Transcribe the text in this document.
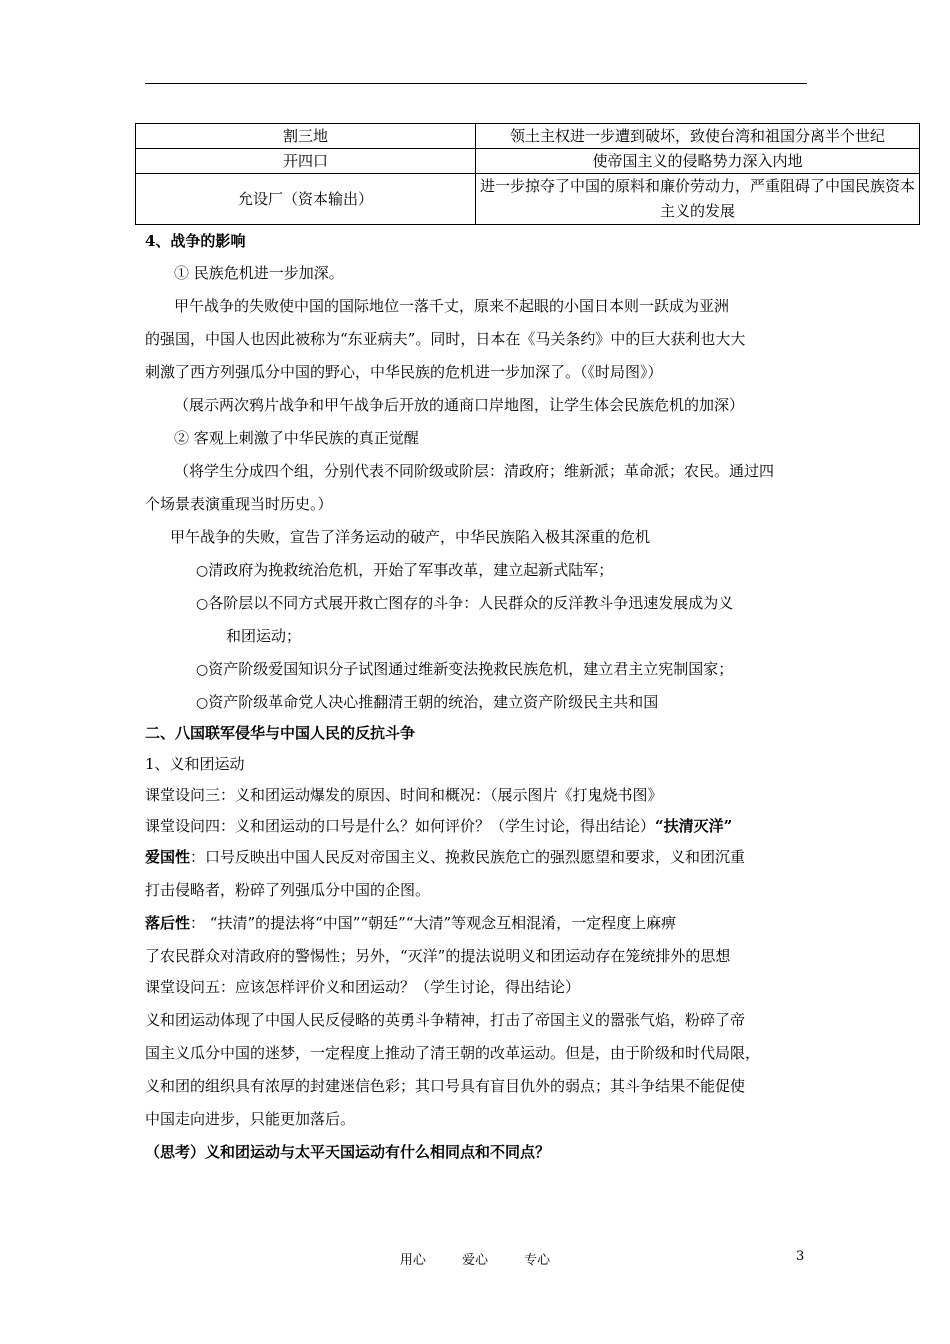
割三地	领土主权进一步遭到破坏，致使台湾和祖国分离半个世纪
开四口	使帝国主义的侵略势力深入内地
允设厂（资本输出）	进一步掠夺了中国的原料和廉价劳动力，严重阻碍了中国民族资本主义的发展
4、战争的影响
① 民族危机进一步加深。
甲午战争的失败使中国的国际地位一落千丈，原来不起眼的小国日本则一跃成为亚洲
的强国，中国人也因此被称为“东亚病夫”。同时，日本在《马关条约》中的巨大获利也大大
刺激了西方列强瓜分中国的野心，中华民族的危机进一步加深了。（《时局图》）
（展示两次鸦片战争和甲午战争后开放的通商口岸地图，让学生体会民族危机的加深）
② 客观上刺激了中华民族的真正觉醒
（将学生分成四个组，分别代表不同阶级或阶层：清政府；维新派；革命派；农民。通过四
个场景表演重现当时历史。）
甲午战争的失败，宣告了洋务运动的破产，中华民族陷入极其深重的危机
○清政府为挽救统治危机，开始了军事改革，建立起新式陆军；
○各阶层以不同方式展开救亡图存的斗争：人民群众的反洋教斗争迅速发展成为义
和团运动；
○资产阶级爱国知识分子试图通过维新变法挽救民族危机，建立君主立宪制国家；
○资产阶级革命党人决心推翻清王朝的统治，建立资产阶级民主共和国
二、八国联军侵华与中国人民的反抗斗争
1、义和团运动
课堂设问三：义和团运动爆发的原因、时间和概况：（展示图片《打鬼烧书图》
课堂设问四：义和团运动的口号是什么？如何评价？（学生讨论，得出结论）“扶清灭洋”
爱国性：口号反映出中国人民反对帝国主义、挽救民族危亡的强烈愿望和要求，义和团沉重
打击侵略者，粉碎了列强瓜分中国的企图。
落后性： “扶清”的提法将“中国”“朝廷”“大清”等观念互相混淆，一定程度上麻痹
了农民群众对清政府的警惕性；另外，“灭洋”的提法说明义和团运动存在笼统排外的思想
课堂设问五：应该怎样评价义和团运动？（学生讨论，得出结论）
义和团运动体现了中国人民反侵略的英勇斗争精神，打击了帝国主义的嚣张气焰，粉碎了帝
国主义瓜分中国的迷梦，一定程度上推动了清王朝的改革运动。但是，由于阶级和时代局限，
义和团的组织具有浓厚的封建迷信色彩；其口号具有盲目仇外的弱点；其斗争结果不能促使
中国走向进步，只能更加落后。
（思考）义和团运动与太平天国运动有什么相同点和不同点？
用心	爱心	专心	3
